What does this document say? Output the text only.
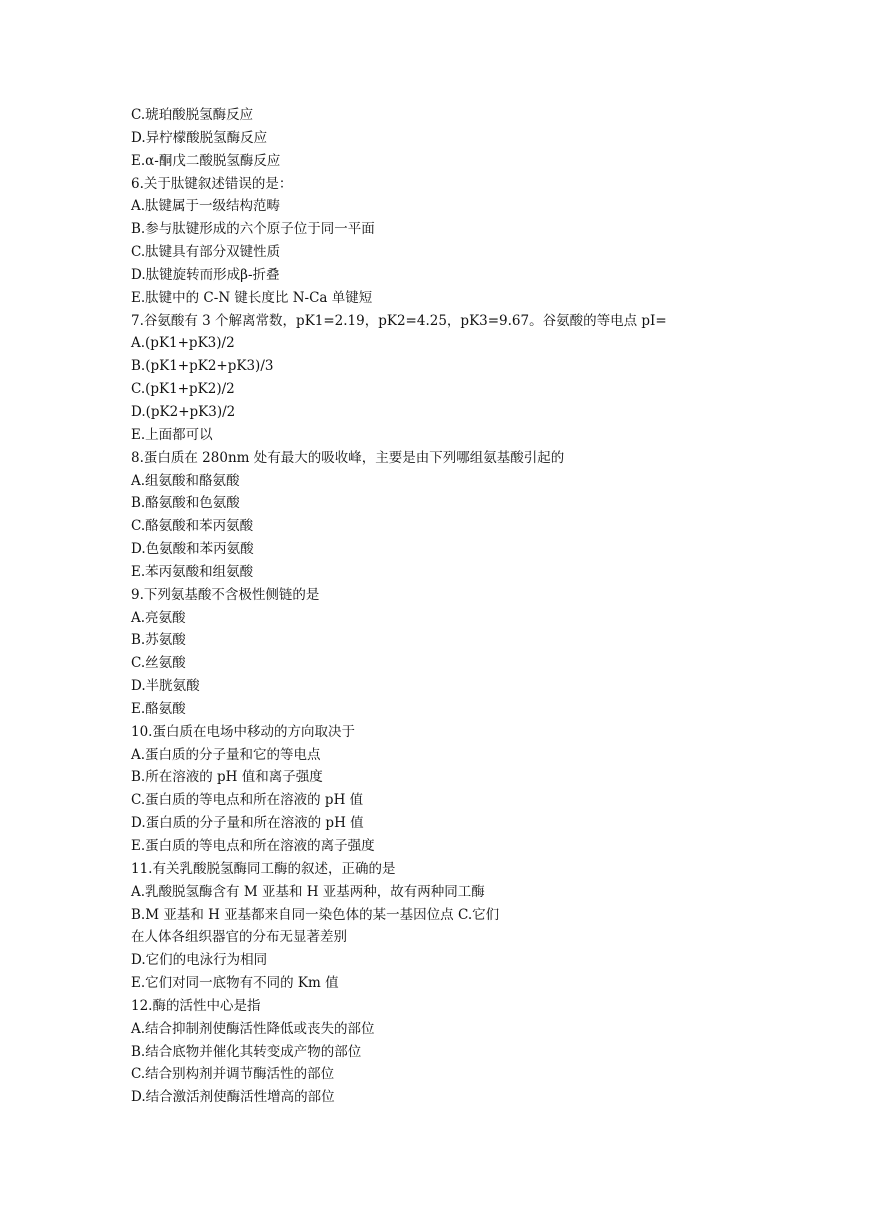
C.琥珀酸脱氢酶反应
D.异柠檬酸脱氢酶反应
E.α-酮戊二酸脱氢酶反应
6.关于肽键叙述错误的是：
A.肽键属于一级结构范畴
B.参与肽键形成的六个原子位于同一平面
C.肽键具有部分双键性质
D.肽键旋转而形成β-折叠
E.肽键中的 C-N 键长度比 N-Ca 单键短
7.谷氨酸有 3 个解离常数，pK1=2.19，pK2=4.25，pK3=9.67。谷氨酸的等电点 pI=
A.(pK1+pK3)/2
B.(pK1+pK2+pK3)/3
C.(pK1+pK2)/2
D.(pK2+pK3)/2
E.上面都可以
8.蛋白质在 280nm 处有最大的吸收峰，主要是由下列哪组氨基酸引起的
A.组氨酸和酪氨酸
B.酪氨酸和色氨酸
C.酪氨酸和苯丙氨酸
D.色氨酸和苯丙氨酸
E.苯丙氨酸和组氨酸
9.下列氨基酸不含极性侧链的是
A.亮氨酸
B.苏氨酸
C.丝氨酸
D.半胱氨酸
E.酪氨酸
10.蛋白质在电场中移动的方向取决于
A.蛋白质的分子量和它的等电点
B.所在溶液的 pH 值和离子强度
C.蛋白质的等电点和所在溶液的 pH 值
D.蛋白质的分子量和所在溶液的 pH 值
E.蛋白质的等电点和所在溶液的离子强度
11.有关乳酸脱氢酶同工酶的叙述，正确的是
A.乳酸脱氢酶含有 M 亚基和 H 亚基两种，故有两种同工酶
B.M 亚基和 H 亚基都来自同一染色体的某一基因位点 C.它们
在人体各组织器官的分布无显著差别
D.它们的电泳行为相同
E.它们对同一底物有不同的 Km 值
12.酶的活性中心是指
A.结合抑制剂使酶活性降低或丧失的部位
B.结合底物并催化其转变成产物的部位
C.结合别构剂并调节酶活性的部位
D.结合激活剂使酶活性增高的部位
